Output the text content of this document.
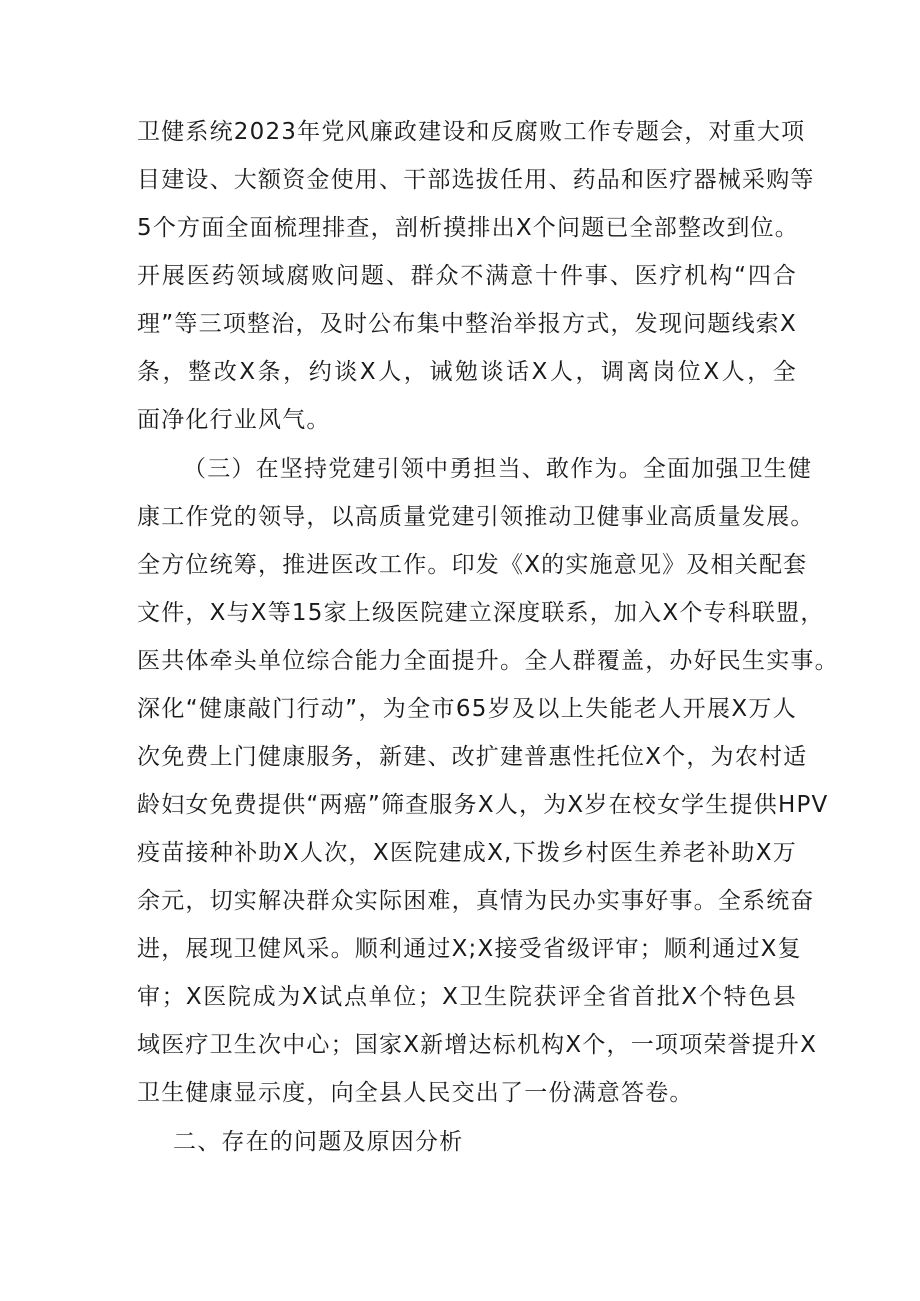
卫健系统2023年党风廉政建设和反腐败工作专题会，对重大项
目建设、大额资金使用、干部选拔任用、药品和医疗器械采购等
5个方面全面梳理排查，剖析摸排出X个问题已全部整改到位。
开展医药领域腐败问题、群众不满意十件事、医疗机构“四合
理”等三项整治，及时公布集中整治举报方式，发现问题线索X
条，整改X条，约谈X人，诫勉谈话X人，调离岗位X人，全
面净化行业风气。
（三）在坚持党建引领中勇担当、敢作为。全面加强卫生健
康工作党的领导，以高质量党建引领推动卫健事业高质量发展。
全方位统筹，推进医改工作。印发《X的实施意见》及相关配套
文件，X与X等15家上级医院建立深度联系，加入X个专科联盟，
医共体牵头单位综合能力全面提升。全人群覆盖，办好民生实事。
深化“健康敲门行动”，为全市65岁及以上失能老人开展X万人
次免费上门健康服务，新建、改扩建普惠性托位X个，为农村适
龄妇女免费提供“两癌”筛查服务X人，为X岁在校女学生提供HPV
疫苗接种补助X人次，X医院建成X,下拨乡村医生养老补助X万
余元，切实解决群众实际困难，真情为民办实事好事。全系统奋
进，展现卫健风采。顺利通过X;X接受省级评审；顺利通过X复
审；X医院成为X试点单位；X卫生院获评全省首批X个特色县
域医疗卫生次中心；国家X新增达标机构X个，一项项荣誉提升X
卫生健康显示度，向全县人民交出了一份满意答卷。
二、存在的问题及原因分析
